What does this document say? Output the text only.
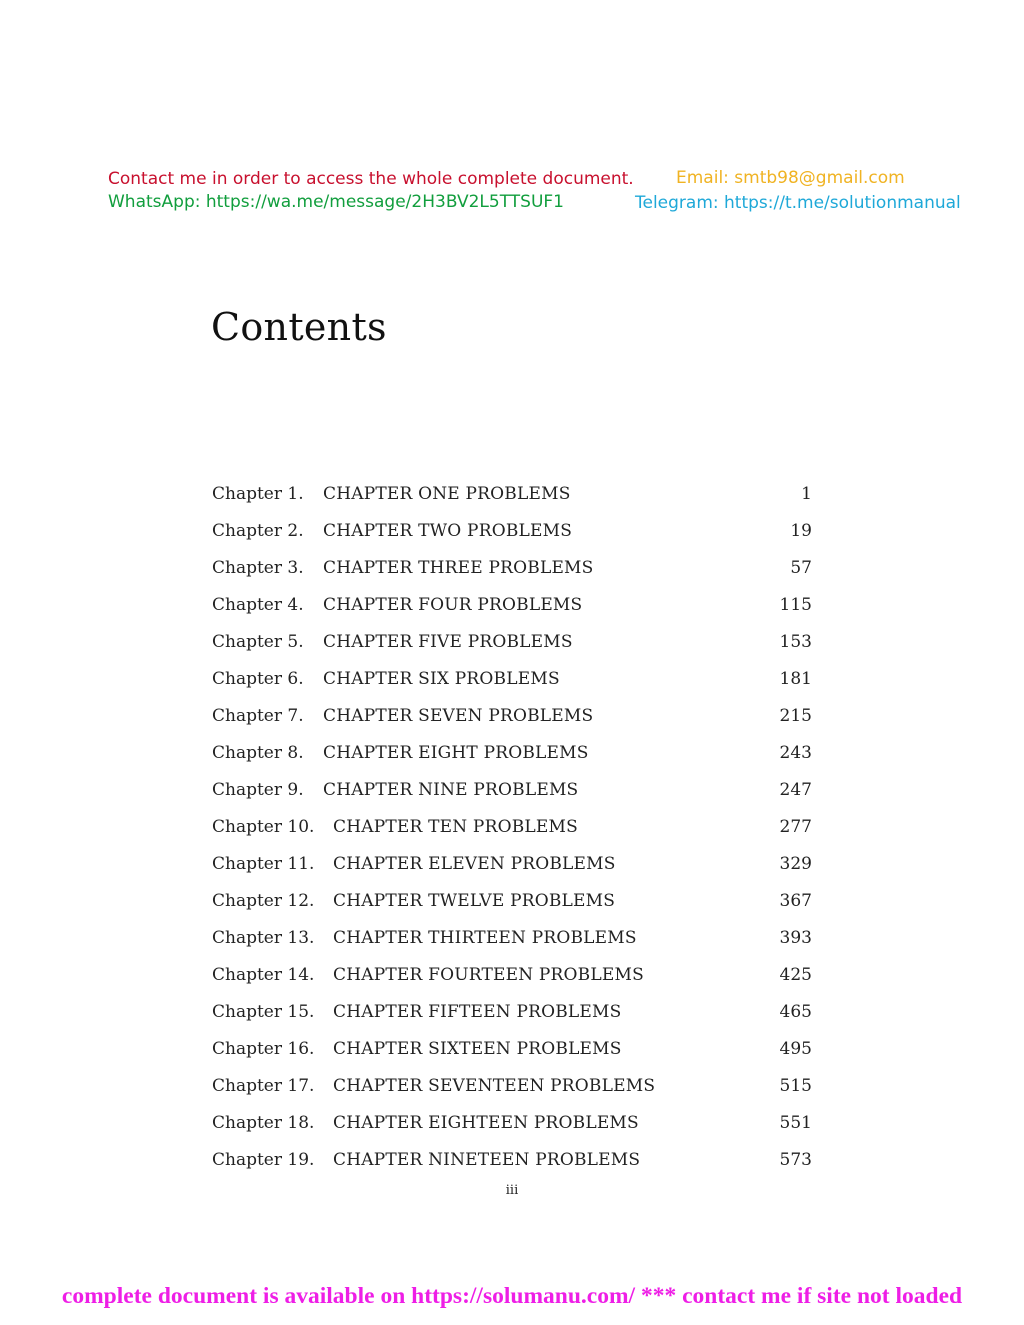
Contact me in order to access the whole complete document. Email: smtb98@gmail.com
WhatsApp: https://wa.me/message/2H3BV2L5TTSUF1	Telegram: https://t.me/solutionmanual
Contents
Chapter 1. CHAPTER ONE PROBLEMS	1
Chapter 2. CHAPTER TWO PROBLEMS	19
Chapter 3. CHAPTER THREE PROBLEMS	57
Chapter 4. CHAPTER FOUR PROBLEMS	115
Chapter 5. CHAPTER FIVE PROBLEMS	153
Chapter 6. CHAPTER SIX PROBLEMS	181
Chapter 7. CHAPTER SEVEN PROBLEMS	215
Chapter 8. CHAPTER EIGHT PROBLEMS	243
Chapter 9. CHAPTER NINE PROBLEMS	247
Chapter 10. CHAPTER TEN PROBLEMS	277
Chapter 11. CHAPTER ELEVEN PROBLEMS	329
Chapter 12. CHAPTER TWELVE PROBLEMS	367
Chapter 13. CHAPTER THIRTEEN PROBLEMS	393
Chapter 14. CHAPTER FOURTEEN PROBLEMS	425
Chapter 15. CHAPTER FIFTEEN PROBLEMS	465
Chapter 16. CHAPTER SIXTEEN PROBLEMS	495
Chapter 17. CHAPTER SEVENTEEN PROBLEMS	515
Chapter 18. CHAPTER EIGHTEEN PROBLEMS	551
Chapter 19. CHAPTER NINETEEN PROBLEMS	573
iii
complete document is available on https://solumanu.com/ *** contact me if site not loaded
